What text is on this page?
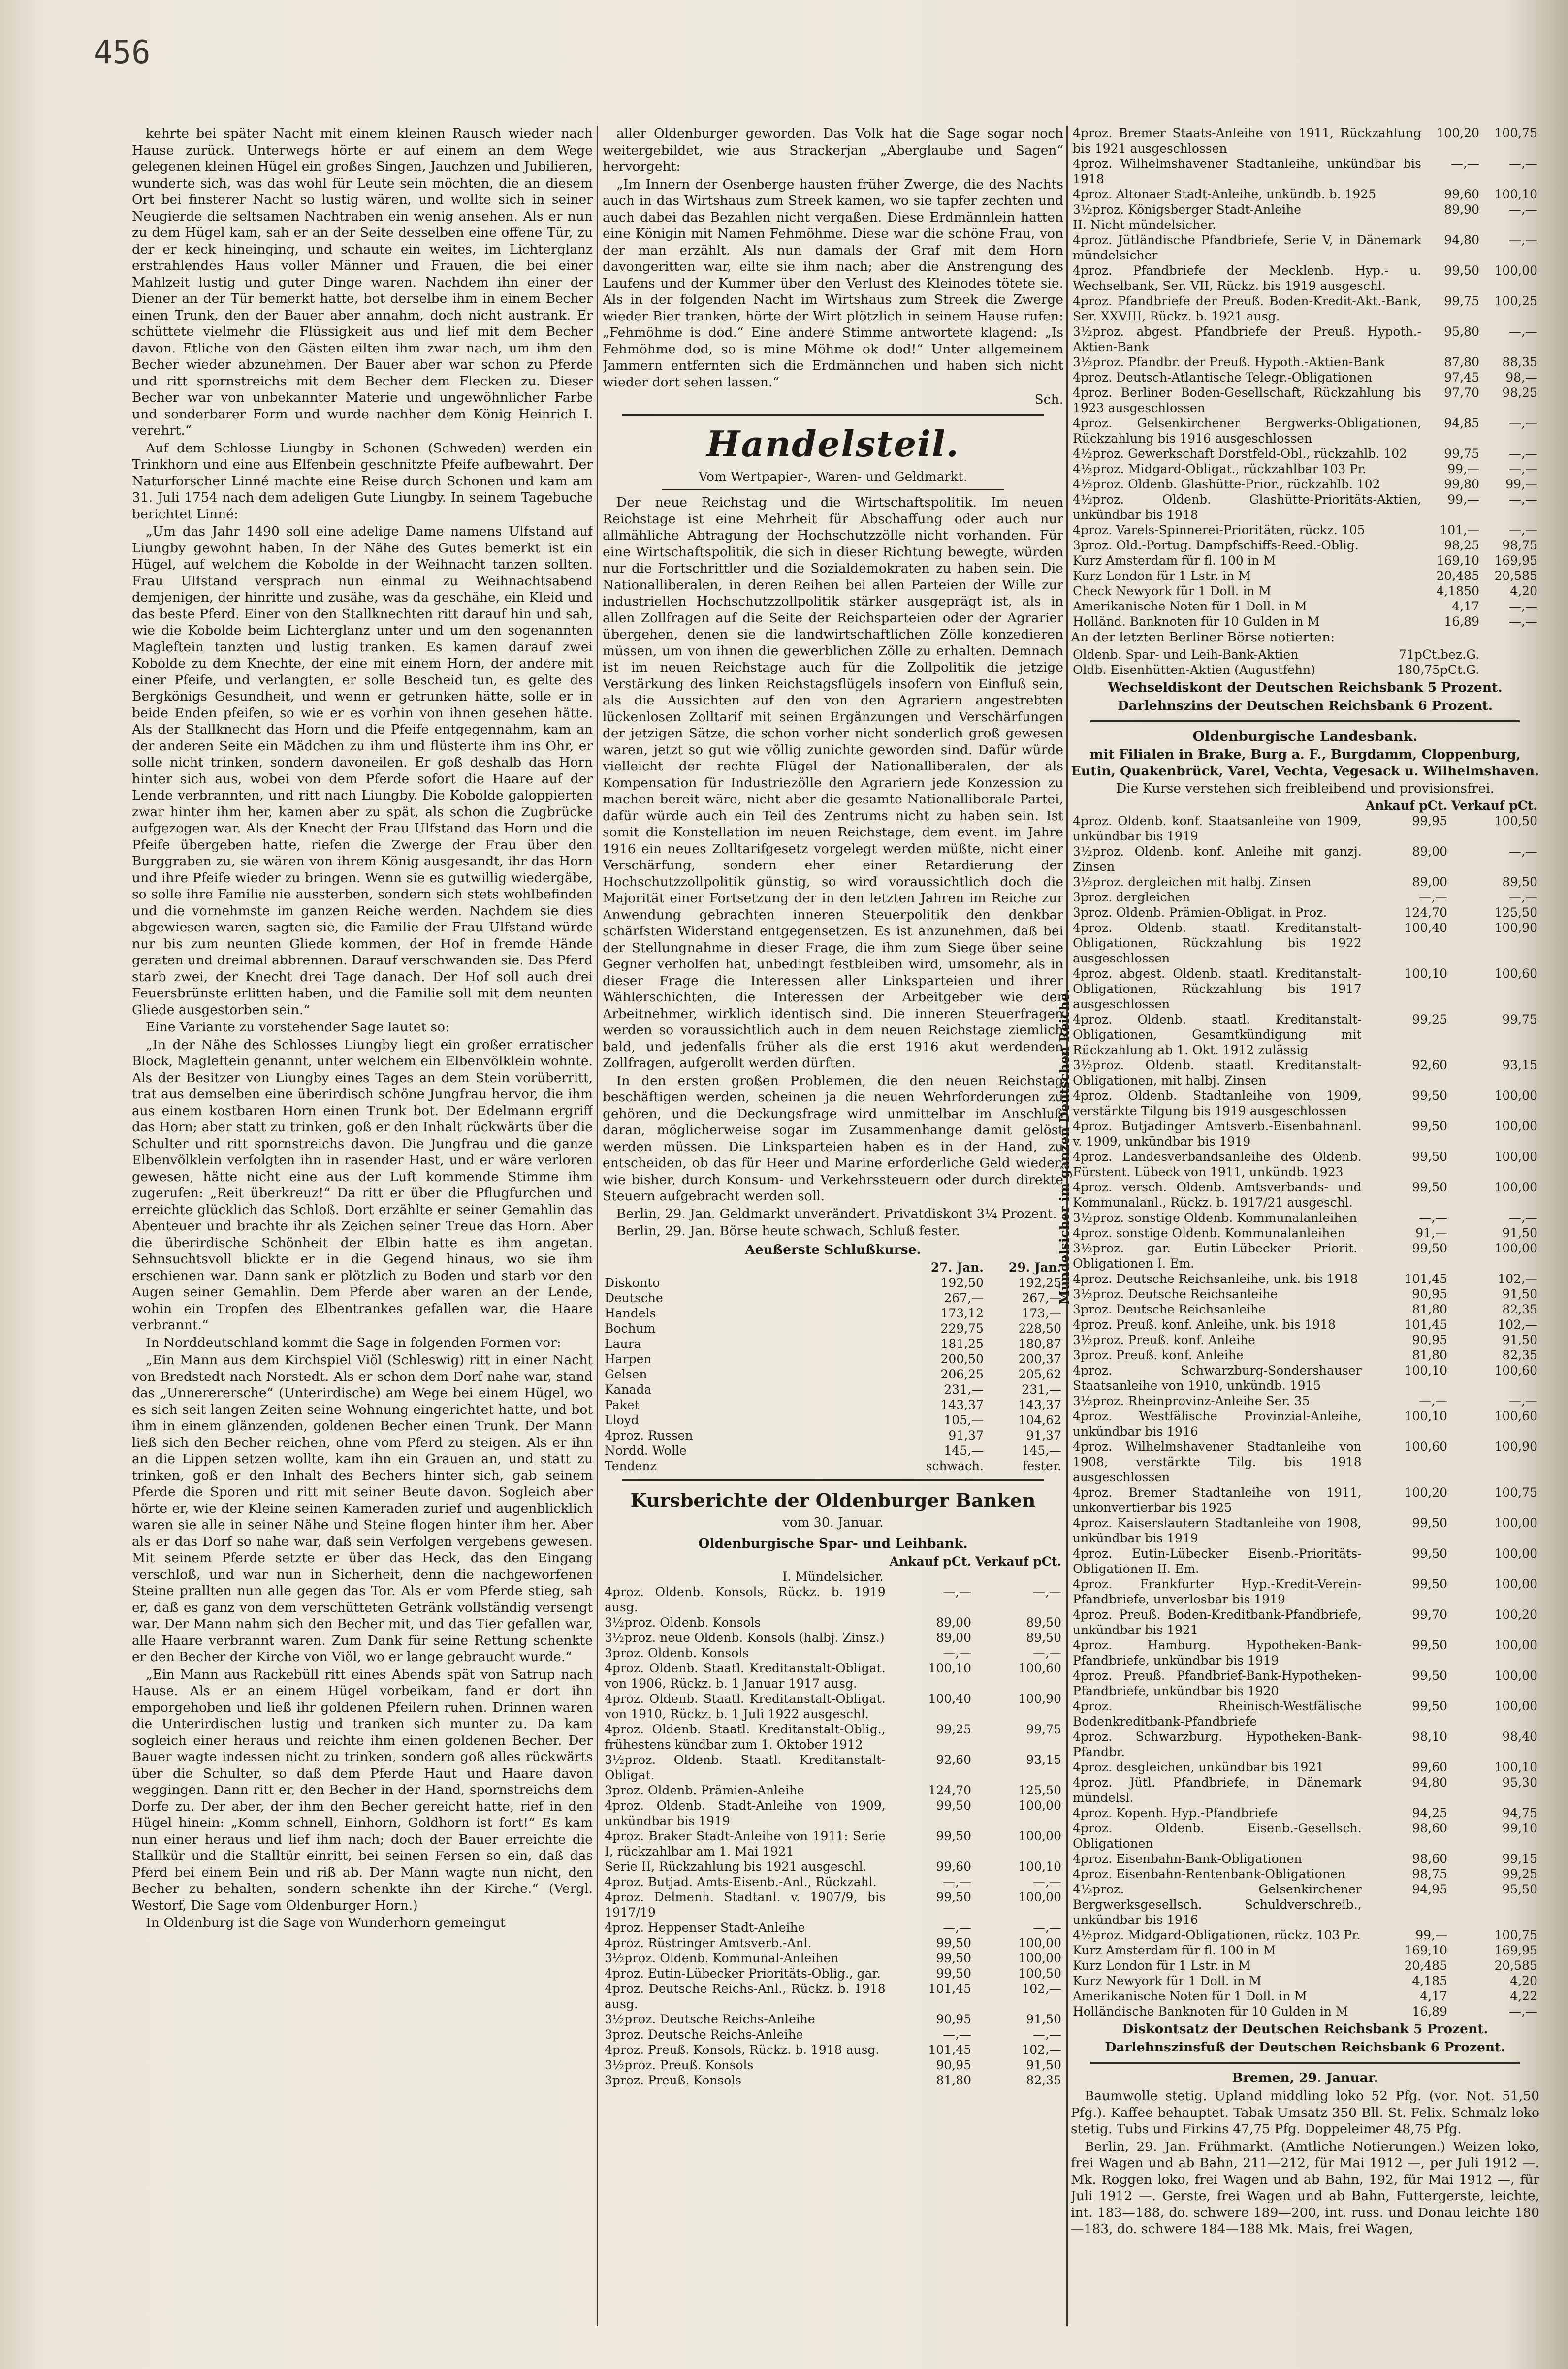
456

kehrte bei später Nacht mit einem kleinen Rausch wieder nach Hause zurück. Unterwegs hörte er auf einem an dem Wege gelegenen kleinen Hügel ein großes Singen, Jauchzen und Jubilieren, wunderte sich, was das wohl für Leute sein möchten, die an diesem Ort bei finsterer Nacht so lustig wären, und wollte sich in seiner Neugierde die seltsamen Nachtraben ein wenig ansehen. Als er nun zu dem Hügel kam, sah er an der Seite desselben eine offene Tür, zu der er keck hineinging, und schaute ein weites, im Lichterglanz erstrahlendes Haus voller Männer und Frauen, die bei einer Mahlzeit lustig und guter Dinge waren. Nachdem ihn einer der Diener an der Tür bemerkt hatte, bot derselbe ihm in einem Becher einen Trunk, den der Bauer aber annahm, doch nicht austrank. Er schüttete vielmehr die Flüssigkeit aus und lief mit dem Becher davon. Etliche von den Gästen eilten ihm zwar nach, um ihm den Becher wieder abzunehmen. Der Bauer aber war schon zu Pferde und ritt spornstreichs mit dem Becher dem Flecken zu. Dieser Becher war von unbekannter Materie und ungewöhnlicher Farbe und sonderbarer Form und wurde nachher dem König Heinrich I. verehrt.“

Auf dem Schlosse Liungby in Schonen (Schweden) werden ein Trinkhorn und eine aus Elfenbein geschnitzte Pfeife aufbewahrt. Der Naturforscher Linné machte eine Reise durch Schonen und kam am 31. Juli 1754 nach dem adeligen Gute Liungby. In seinem Tagebuche berichtet Linné:

„Um das Jahr 1490 soll eine adelige Dame namens Ulfstand auf Liungby gewohnt haben. In der Nähe des Gutes bemerkt ist ein Hügel, auf welchem die Kobolde in der Weihnacht tanzen sollten. Frau Ulfstand versprach nun einmal zu Weihnachtsabend demjenigen, der hinritte und zusähe, was da geschähe, ein Kleid und das beste Pferd. Einer von den Stallknechten ritt darauf hin und sah, wie die Kobolde beim Lichterglanz unter und um den sogenannten Magleftein tanzten und lustig tranken. Es kamen darauf zwei Kobolde zu dem Knechte, der eine mit einem Horn, der andere mit einer Pfeife, und verlangten, er solle Bescheid tun, es gelte des Bergkönigs Gesundheit, und wenn er getrunken hätte, solle er in beide Enden pfeifen, so wie er es vorhin von ihnen gesehen hätte. Als der Stallknecht das Horn und die Pfeife entgegennahm, kam an der anderen Seite ein Mädchen zu ihm und flüsterte ihm ins Ohr, er solle nicht trinken, sondern davoneilen. Er goß deshalb das Horn hinter sich aus, wobei von dem Pferde sofort die Haare auf der Lende verbrannten, und ritt nach Liungby. Die Kobolde galoppierten zwar hinter ihm her, kamen aber zu spät, als schon die Zugbrücke aufgezogen war. Als der Knecht der Frau Ulfstand das Horn und die Pfeife übergeben hatte, riefen die Zwerge der Frau über den Burggraben zu, sie wären von ihrem König ausgesandt, ihr das Horn und ihre Pfeife wieder zu bringen. Wenn sie es gutwillig wiedergäbe, so solle ihre Familie nie aussterben, sondern sich stets wohlbefinden und die vornehmste im ganzen Reiche werden. Nachdem sie dies abgewiesen waren, sagten sie, die Familie der Frau Ulfstand würde nur bis zum neunten Gliede kommen, der Hof in fremde Hände geraten und dreimal abbrennen. Darauf verschwanden sie. Das Pferd starb zwei, der Knecht drei Tage danach. Der Hof soll auch drei Feuersbrünste erlitten haben, und die Familie soll mit dem neunten Gliede ausgestorben sein.“

Eine Variante zu vorstehender Sage lautet so:

„In der Nähe des Schlosses Liungby liegt ein großer erratischer Block, Magleftein genannt, unter welchem ein Elbenvölklein wohnte. Als der Besitzer von Liungby eines Tages an dem Stein vorüberritt, trat aus demselben eine überirdisch schöne Jungfrau hervor, die ihm aus einem kostbaren Horn einen Trunk bot. Der Edelmann ergriff das Horn; aber statt zu trinken, goß er den Inhalt rückwärts über die Schulter und ritt spornstreichs davon. Die Jungfrau und die ganze Elbenvölklein verfolgten ihn in rasender Hast, und er wäre verloren gewesen, hätte nicht eine aus der Luft kommende Stimme ihm zugerufen: „Reit überkreuz!“ Da ritt er über die Pflugfurchen und erreichte glücklich das Schloß. Dort erzählte er seiner Gemahlin das Abenteuer und brachte ihr als Zeichen seiner Treue das Horn. Aber die überirdische Schönheit der Elbin hatte es ihm angetan. Sehnsuchtsvoll blickte er in die Gegend hinaus, wo sie ihm erschienen war. Dann sank er plötzlich zu Boden und starb vor den Augen seiner Gemahlin. Dem Pferde aber waren an der Lende, wohin ein Tropfen des Elbentrankes gefallen war, die Haare verbrannt.“

In Norddeutschland kommt die Sage in folgenden Formen vor:

„Ein Mann aus dem Kirchspiel Viöl (Schleswig) ritt in einer Nacht von Bredstedt nach Norstedt. Als er schon dem Dorf nahe war, stand das „Unnererersche“ (Unterirdische) am Wege bei einem Hügel, wo es sich seit langen Zeiten seine Wohnung eingerichtet hatte, und bot ihm in einem glänzenden, goldenen Becher einen Trunk. Der Mann ließ sich den Becher reichen, ohne vom Pferd zu steigen. Als er ihn an die Lippen setzen wollte, kam ihn ein Grauen an, und statt zu trinken, goß er den Inhalt des Bechers hinter sich, gab seinem Pferde die Sporen und ritt mit seiner Beute davon. Sogleich aber hörte er, wie der Kleine seinen Kameraden zurief und augenblicklich waren sie alle in seiner Nähe und Steine flogen hinter ihm her. Aber als er das Dorf so nahe war, daß sein Verfolgen vergebens gewesen. Mit seinem Pferde setzte er über das Heck, das den Eingang verschloß, und war nun in Sicherheit, denn die nachgeworfenen Steine prallten nun alle gegen das Tor. Als er vom Pferde stieg, sah er, daß es ganz von dem verschütteten Getränk vollständig versengt war. Der Mann nahm sich den Becher mit, und das Tier gefallen war, alle Haare verbrannt waren. Zum Dank für seine Rettung schenkte er den Becher der Kirche von Viöl, wo er lange gebraucht wurde.“

„Ein Mann aus Rackebüll ritt eines Abends spät von Satrup nach Hause. Als er an einem Hügel vorbeikam, fand er dort ihn emporgehoben und ließ ihr goldenen Pfeilern ruhen. Drinnen waren die Unterirdischen lustig und tranken sich munter zu. Da kam sogleich einer heraus und reichte ihm einen goldenen Becher. Der Bauer wagte indessen nicht zu trinken, sondern goß alles rückwärts über die Schulter, so daß dem Pferde Haut und Haare davon weggingen. Dann ritt er, den Becher in der Hand, spornstreichs dem Dorfe zu. Der aber, der ihm den Becher gereicht hatte, rief in den Hügel hinein: „Komm schnell, Einhorn, Goldhorn ist fort!“ Es kam nun einer heraus und lief ihm nach; doch der Bauer erreichte die Stallkür und die Stalltür einritt, bei seinen Fersen so ein, daß das Pferd bei einem Bein und riß ab. Der Mann wagte nun nicht, den Becher zu behalten, sondern schenkte ihn der Kirche.“ (Vergl. Westorf, Die Sage vom Oldenburger Horn.)

In Oldenburg ist die Sage von Wunderhorn gemeingut

aller Oldenburger geworden. Das Volk hat die Sage sogar noch weitergebildet, wie aus Strackerjan „Aberglaube und Sagen“ hervorgeht:

„Im Innern der Osenberge hausten früher Zwerge, die des Nachts auch in das Wirtshaus zum Streek kamen, wo sie tapfer zechten und auch dabei das Bezahlen nicht vergaßen. Diese Erdmännlein hatten eine Königin mit Namen Fehmöhme. Diese war die schöne Frau, von der man erzählt. Als nun damals der Graf mit dem Horn davongeritten war, eilte sie ihm nach; aber die Anstrengung des Laufens und der Kummer über den Verlust des Kleinodes tötete sie. Als in der folgenden Nacht im Wirtshaus zum Streek die Zwerge wieder Bier tranken, hörte der Wirt plötzlich in seinem Hause rufen: „Fehmöhme is dod.“ Eine andere Stimme antwortete klagend: „Is Fehmöhme dod, so is mine Möhme ok dod!“ Unter allgemeinem Jammern entfernten sich die Erdmännchen und haben sich nicht wieder dort sehen lassen.“

Sch.

Handelsteil.
Vom Wertpapier-, Waren- und Geldmarkt.

Der neue Reichstag und die Wirtschaftspolitik. Im neuen Reichstage ist eine Mehrheit für Abschaffung oder auch nur allmähliche Abtragung der Hochschutzzölle nicht vorhanden. Für eine Wirtschaftspolitik, die sich in dieser Richtung bewegte, würden nur die Fortschrittler und die Sozialdemokraten zu haben sein. Die Nationalliberalen, in deren Reihen bei allen Parteien der Wille zur industriellen Hochschutzzollpolitik stärker ausgeprägt ist, als in allen Zollfragen auf die Seite der Reichsparteien oder der Agrarier übergehen, denen sie die landwirtschaftlichen Zölle konzedieren müssen, um von ihnen die gewerblichen Zölle zu erhalten. Demnach ist im neuen Reichstage auch für die Zollpolitik die jetzige Verstärkung des linken Reichstagsflügels insofern von Einfluß sein, als die Aussichten auf den von den Agrariern angestrebten lückenlosen Zolltarif mit seinen Ergänzungen und Verschärfungen der jetzigen Sätze, die schon vorher nicht sonderlich groß gewesen waren, jetzt so gut wie völlig zunichte geworden sind. Dafür würde vielleicht der rechte Flügel der Nationalliberalen, der als Kompensation für Industriezölle den Agrariern jede Konzession zu machen bereit wäre, nicht aber die gesamte Nationalliberale Partei, dafür würde auch ein Teil des Zentrums nicht zu haben sein. Ist somit die Konstellation im neuen Reichstage, dem event. im Jahre 1916 ein neues Zolltarifgesetz vorgelegt werden müßte, nicht einer Verschärfung, sondern eher einer Retardierung der Hochschutzzollpolitik günstig, so wird voraussichtlich doch die Majorität einer Fortsetzung der in den letzten Jahren im Reiche zur Anwendung gebrachten inneren Steuerpolitik den denkbar schärfsten Widerstand entgegensetzen. Es ist anzunehmen, daß bei der Stellungnahme in dieser Frage, die ihm zum Siege über seine Gegner verholfen hat, unbedingt festbleiben wird, umsomehr, als in dieser Frage die Interessen aller Linksparteien und ihrer Wählerschichten, die Interessen der Arbeitgeber wie der Arbeitnehmer, wirklich identisch sind. Die inneren Steuerfragen werden so voraussichtlich auch in dem neuen Reichstage ziemlich bald, und jedenfalls früher als die erst 1916 akut werdenden Zollfragen, aufgerollt werden dürften.

In den ersten großen Problemen, die den neuen Reichstag beschäftigen werden, scheinen ja die neuen Wehrforderungen zu gehören, und die Deckungsfrage wird unmittelbar im Anschluß daran, möglicherweise sogar im Zusammenhange damit gelöst werden müssen. Die Linksparteien haben es in der Hand, zu entscheiden, ob das für Heer und Marine erforderliche Geld wieder, wie bisher, durch Konsum- und Verkehrssteuern oder durch direkte Steuern aufgebracht werden soll.

Berlin, 29. Jan. Geldmarkt unverändert. Privatdiskont 3¼ Prozent.

Berlin, 29. Jan. Börse heute schwach, Schluß fester.

Aeußerste Schlußkurse.
	27. Jan.	29. Jan.
Diskonto	192,50	192,25
Deutsche	267,—	267,—
Handels	173,12	173,—
Bochum	229,75	228,50
Laura	181,25	180,87
Harpen	200,50	200,37
Gelsen	206,25	205,62
Kanada	231,—	231,—
Paket	143,37	143,37
Lloyd	105,—	104,62
4proz. Russen	91,37	91,37
Nordd. Wolle	145,—	145,—
Tendenz	schwach.	fester.
Kursberichte der Oldenburger Banken
vom 30. Januar.
Oldenburgische Spar- und Leihbank.
	Ankauf pCt.	Verkauf pCt.
I. Mündelsicher.		
4proz. Oldenb. Konsols, Rückz. b. 1919 ausg.	—,—	—,—
3½proz. Oldenb. Konsols	89,00	89,50
3½proz. neue Oldenb. Konsols (halbj. Zinsz.)	89,00	89,50
3proz. Oldenb. Konsols	—,—	—,—
4proz. Oldenb. Staatl. Kreditanstalt-Obligat. von 1906, Rückz. b. 1 Januar 1917 ausg.	100,10	100,60
4proz. Oldenb. Staatl. Kreditanstalt-Obligat. von 1910, Rückz. b. 1 Juli 1922 ausgeschl.	100,40	100,90
4proz. Oldenb. Staatl. Kreditanstalt-Oblig., frühestens kündbar zum 1. Oktober 1912	99,25	99,75
3½proz. Oldenb. Staatl. Kreditanstalt-Obligat.	92,60	93,15
3proz. Oldenb. Prämien-Anleihe	124,70	125,50
4proz. Oldenb. Stadt-Anleihe von 1909, unkündbar bis 1919	99,50	100,00
4proz. Braker Stadt-Anleihe von 1911: Serie I, rückzahlbar am 1. Mai 1921	99,50	100,00
Serie II, Rückzahlung bis 1921 ausgeschl.	99,60	100,10
4proz. Butjad. Amts-Eisenb.-Anl., Rückzahl.	—,—	—,—
4proz. Delmenh. Stadtanl. v. 1907/9, bis 1917/19	99,50	100,00
4proz. Heppenser Stadt-Anleihe	—,—	—,—
4proz. Rüstringer Amtsverb.-Anl.	99,50	100,00
3½proz. Oldenb. Kommunal-Anleihen	99,50	100,00
4proz. Eutin-Lübecker Prioritäts-Oblig., gar.	99,50	100,50
4proz. Deutsche Reichs-Anl., Rückz. b. 1918 ausg.	101,45	102,—
3½proz. Deutsche Reichs-Anleihe	90,95	91,50
3proz. Deutsche Reichs-Anleihe	—,—	—,—
4proz. Preuß. Konsols, Rückz. b. 1918 ausg.	101,45	102,—
3½proz. Preuß. Konsols	90,95	91,50
3proz. Preuß. Konsols	81,80	82,35
4proz. Bremer Staats-Anleihe von 1911, Rückzahlung bis 1921 ausgeschlossen	100,20	100,75
4proz. Wilhelmshavener Stadtanleihe, unkündbar bis 1918	—,—	—,—
4proz. Altonaer Stadt-Anleihe, unkündb. b. 1925	99,60	100,10
3½proz. Königsberger Stadt-Anleihe	89,90	—,—
II. Nicht mündelsicher.		
4proz. Jütländische Pfandbriefe, Serie V, in Dänemark mündelsicher	94,80	—,—
4proz. Pfandbriefe der Mecklenb. Hyp.- u. Wechselbank, Ser. VII, Rückz. bis 1919 ausgeschl.	99,50	100,00
4proz. Pfandbriefe der Preuß. Boden-Kredit-Akt.-Bank, Ser. XXVIII, Rückz. b. 1921 ausg.	99,75	100,25
3½proz. abgest. Pfandbriefe der Preuß. Hypoth.-Aktien-Bank	95,80	—,—
3½proz. Pfandbr. der Preuß. Hypoth.-Aktien-Bank	87,80	88,35
4proz. Deutsch-Atlantische Telegr.-Obligationen	97,45	98,—
4proz. Berliner Boden-Gesellschaft, Rückzahlung bis 1923 ausgeschlossen	97,70	98,25
4proz. Gelsenkirchener Bergwerks-Obligationen, Rückzahlung bis 1916 ausgeschlossen	94,85	—,—
4½proz. Gewerkschaft Dorstfeld-Obl., rückzahlb. 102	99,75	—,—
4½proz. Midgard-Obligat., rückzahlbar 103 Pr.	99,—	—,—
4½proz. Oldenb. Glashütte-Prior., rückzahlb. 102	99,80	99,—
4½proz. Oldenb. Glashütte-Prioritäts-Aktien, unkündbar bis 1918	99,—	—,—
4proz. Varels-Spinnerei-Prioritäten, rückz. 105	101,—	—,—
3proz. Old.-Portug. Dampfschiffs-Reed.-Oblig.	98,25	98,75
Kurz Amsterdam für fl. 100 in M	169,10	169,95
Kurz London für 1 Lstr. in M	20,485	20,585
Check Newyork für 1 Doll. in M	4,1850	4,20
Amerikanische Noten für 1 Doll. in M	4,17	—,—
Holländ. Banknoten für 10 Gulden in M	16,89	—,—

An der letzten Berliner Börse notierten:

Oldenb. Spar- und Leih-Bank-Aktien	71pCt.bez.G.	
Oldb. Eisenhütten-Aktien (Augustfehn)	180,75pCt.G.	
Wechseldiskont der Deutschen Reichsbank 5 Prozent.
Darlehnszins der Deutschen Reichsbank 6 Prozent.
Oldenburgische Landesbank.

mit Filialen in Brake, Burg a. F., Burgdamm, Cloppenburg, Eutin, Quakenbrück, Varel, Vechta, Vegesack u. Wilhelmshaven.

Die Kurse verstehen sich freibleibend und provisionsfrei.

	Ankauf pCt.	Verkauf pCt.
4proz. Oldenb. konf. Staatsanleihe von 1909, unkündbar bis 1919	99,95	100,50
3½proz. Oldenb. konf. Anleihe mit ganzj. Zinsen	89,00	—,—
3½proz. dergleichen mit halbj. Zinsen	89,00	89,50
3proz. dergleichen	—,—	—,—
3proz. Oldenb. Prämien-Obligat. in Proz.	124,70	125,50
4proz. Oldenb. staatl. Kreditanstalt-Obligationen, Rückzahlung bis 1922 ausgeschlossen	100,40	100,90
4proz. abgest. Oldenb. staatl. Kreditanstalt-Obligationen, Rückzahlung bis 1917 ausgeschlossen	100,10	100,60
4proz. Oldenb. staatl. Kreditanstalt-Obligationen, Gesamtkündigung mit Rückzahlung ab 1. Okt. 1912 zulässig	99,25	99,75
3½proz. Oldenb. staatl. Kreditanstalt-Obligationen, mit halbj. Zinsen	92,60	93,15
4proz. Oldenb. Stadtanleihe von 1909, verstärkte Tilgung bis 1919 ausgeschlossen	99,50	100,00
4proz. Butjadinger Amtsverb.-Eisenbahnanl. v. 1909, unkündbar bis 1919	99,50	100,00
4proz. Landesverbandsanleihe des Oldenb. Fürstent. Lübeck von 1911, unkündb. 1923	99,50	100,00
4proz. versch. Oldenb. Amtsverbands- und Kommunalanl., Rückz. b. 1917/21 ausgeschl.	99,50	100,00
3½proz. sonstige Oldenb. Kommunalanleihen	—,—	—,—
4proz. sonstige Oldenb. Kommunalanleihen	91,—	91,50
3½proz. gar. Eutin-Lübecker Priorit.-Obligationen I. Em.	99,50	100,00
4proz. Deutsche Reichsanleihe, unk. bis 1918	101,45	102,—
3½proz. Deutsche Reichsanleihe	90,95	91,50
3proz. Deutsche Reichsanleihe	81,80	82,35
4proz. Preuß. konf. Anleihe, unk. bis 1918	101,45	102,—
3½proz. Preuß. konf. Anleihe	90,95	91,50
3proz. Preuß. konf. Anleihe	81,80	82,35
4proz. Schwarzburg-Sondershauser Staatsanleihe von 1910, unkündb. 1915	100,10	100,60
3½proz. Rheinprovinz-Anleihe Ser. 35	—,—	—,—
4proz. Westfälische Provinzial-Anleihe, unkündbar bis 1916	100,10	100,60
4proz. Wilhelmshavener Stadtanleihe von 1908, verstärkte Tilg. bis 1918 ausgeschlossen	100,60	100,90
4proz. Bremer Stadtanleihe von 1911, unkonvertierbar bis 1925	100,20	100,75
4proz. Kaiserslautern Stadtanleihe von 1908, unkündbar bis 1919	99,50	100,00
4proz. Eutin-Lübecker Eisenb.-Prioritäts-Obligationen II. Em.	99,50	100,00
4proz. Frankfurter Hyp.-Kredit-Verein-Pfandbriefe, unverlosbar bis 1919	99,50	100,00
4proz. Preuß. Boden-Kreditbank-Pfandbriefe, unkündbar bis 1921	99,70	100,20
4proz. Hamburg. Hypotheken-Bank-Pfandbriefe, unkündbar bis 1919	99,50	100,00
4proz. Preuß. Pfandbrief-Bank-Hypotheken-Pfandbriefe, unkündbar bis 1920	99,50	100,00
4proz. Rheinisch-Westfälische Bodenkreditbank-Pfandbriefe	99,50	100,00
4proz. Schwarzburg. Hypotheken-Bank-Pfandbr.	98,10	98,40
4proz. desgleichen, unkündbar bis 1921	99,60	100,10
4proz. Jütl. Pfandbriefe, in Dänemark mündelsl.	94,80	95,30
4proz. Kopenh. Hyp.-Pfandbriefe	94,25	94,75
4proz. Oldenb. Eisenb.-Gesellsch. Obligationen	98,60	99,10
4proz. Eisenbahn-Bank-Obligationen	98,60	99,15
4proz. Eisenbahn-Rentenbank-Obligationen	98,75	99,25
4½proz. Gelsenkirchener Bergwerksgesellsch. Schuldverschreib., unkündbar bis 1916	94,95	95,50
4½proz. Midgard-Obligationen, rückz. 103 Pr.	99,—	100,75
Kurz Amsterdam für fl. 100 in M	169,10	169,95
Kurz London für 1 Lstr. in M	20,485	20,585
Kurz Newyork für 1 Doll. in M	4,185	4,20
Amerikanische Noten für 1 Doll. in M	4,17	4,22
Holländische Banknoten für 10 Gulden in M	16,89	—,—
Diskontsatz der Deutschen Reichsbank 5 Prozent.
Darlehnszinsfuß der Deutschen Reichsbank 6 Prozent.
Bremen, 29. Januar.

Baumwolle stetig. Upland middling loko 52 Pfg. (vor. Not. 51,50 Pfg.). Kaffee behauptet. Tabak Umsatz 350 Bll. St. Felix. Schmalz loko stetig. Tubs und Firkins 47,75 Pfg. Doppeleimer 48,75 Pfg.

Berlin, 29. Jan. Frühmarkt. (Amtliche Notierungen.) Weizen loko, frei Wagen und ab Bahn, 211—212, für Mai 1912 —, per Juli 1912 —. Mk. Roggen loko, frei Wagen und ab Bahn, 192, für Mai 1912 —, für Juli 1912 —. Gerste, frei Wagen und ab Bahn, Futtergerste, leichte, int. 183—188, do. schwere 189—200, int. russ. und Donau leichte 180—183, do. schwere 184—188 Mk. Mais, frei Wagen,

Mündelsicher im ganzen Deutschen Reiche.
